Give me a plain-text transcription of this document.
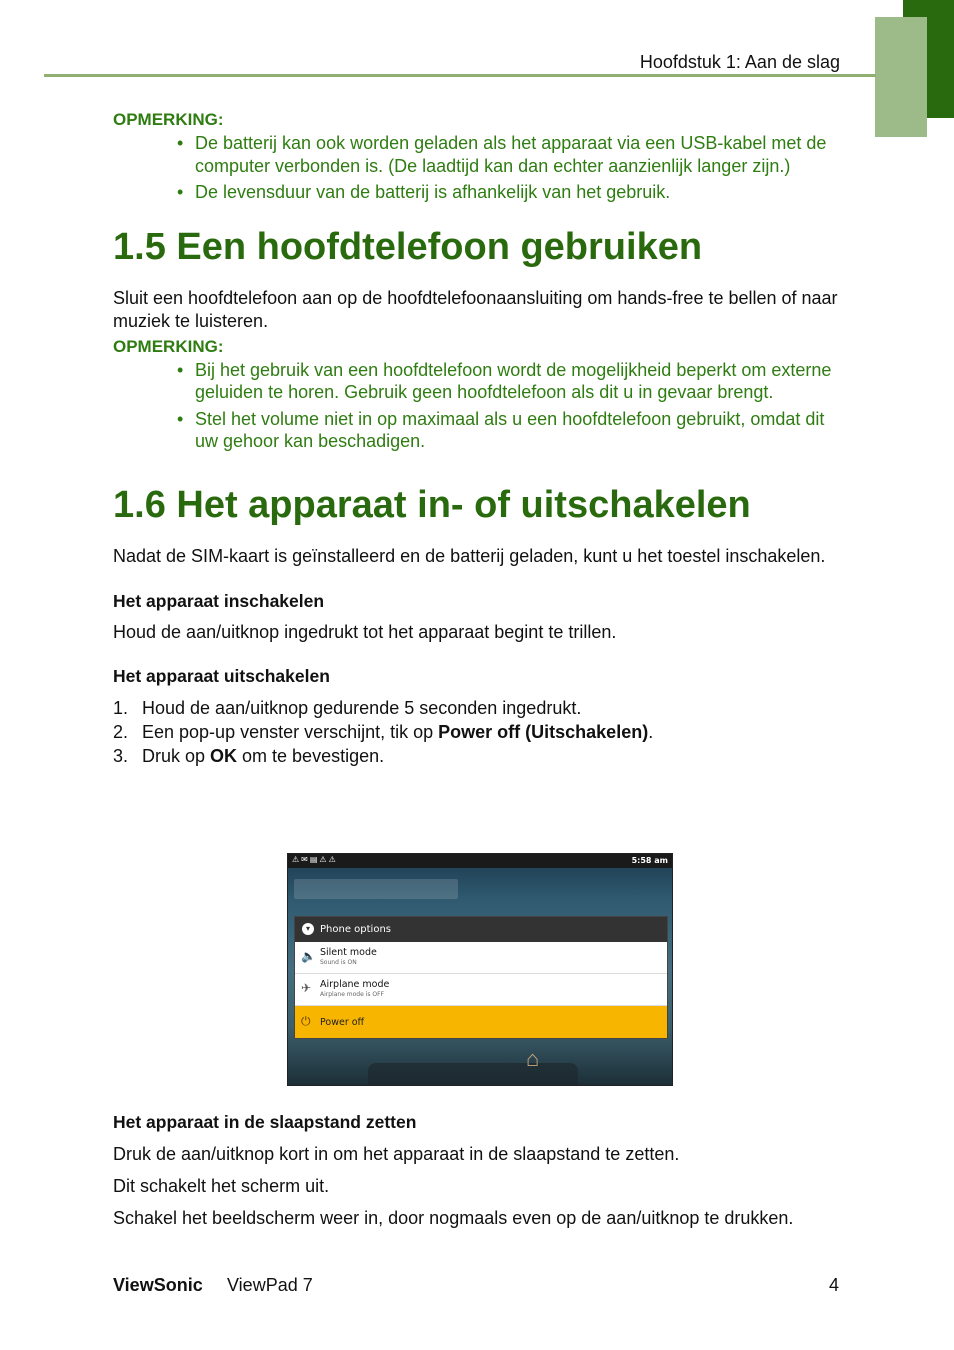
Hoofdstuk 1: Aan de slag
OPMERKING:
• De batterij kan ook worden geladen als het apparaat via een USB-kabel met de computer verbonden is. (De laadtijd kan dan echter aanzienlijk langer zijn.)
• De levensduur van de batterij is afhankelijk van het gebruik.
1.5 Een hoofdtelefoon gebruiken

Sluit een hoofdtelefoon aan op de hoofdtelefoonaansluiting om hands-free te bellen of naar muziek te luisteren.

OPMERKING:
• Bij het gebruik van een hoofdtelefoon wordt de mogelijkheid beperkt om externe geluiden te horen. Gebruik geen hoofdtelefoon als dit u in gevaar brengt.
• Stel het volume niet in op maximaal als u een hoofdtelefoon gebruikt, omdat dit uw gehoor kan beschadigen.
1.6 Het apparaat in- of uitschakelen

Nadat de SIM-kaart is geïnstalleerd en de batterij geladen, kunt u het toestel inschakelen.

Het apparaat inschakelen

Houd de aan/uitknop ingedrukt tot het apparaat begint te trillen.

Het apparaat uitschakelen
1. Houd de aan/uitknop gedurende 5 seconden ingedrukt.
2. Een pop-up venster verschijnt, tik op Power off (Uitschakelen).
3. Druk op OK om te bevestigen.
⚠✉▤⚠⚠	5:58 am
▾	Phone options
🔈 Silent mode
Sound is ON
✈ Airplane mode
Airplane mode is OFF
⏻ Power off
⌂
Het apparaat in de slaapstand zetten

Druk de aan/uitknop kort in om het apparaat in de slaapstand te zetten.

Dit schakelt het scherm uit.

Schakel het beeldscherm weer in, door nogmaals even op de aan/uitknop te drukken.

ViewSonic ViewPad 7	4
